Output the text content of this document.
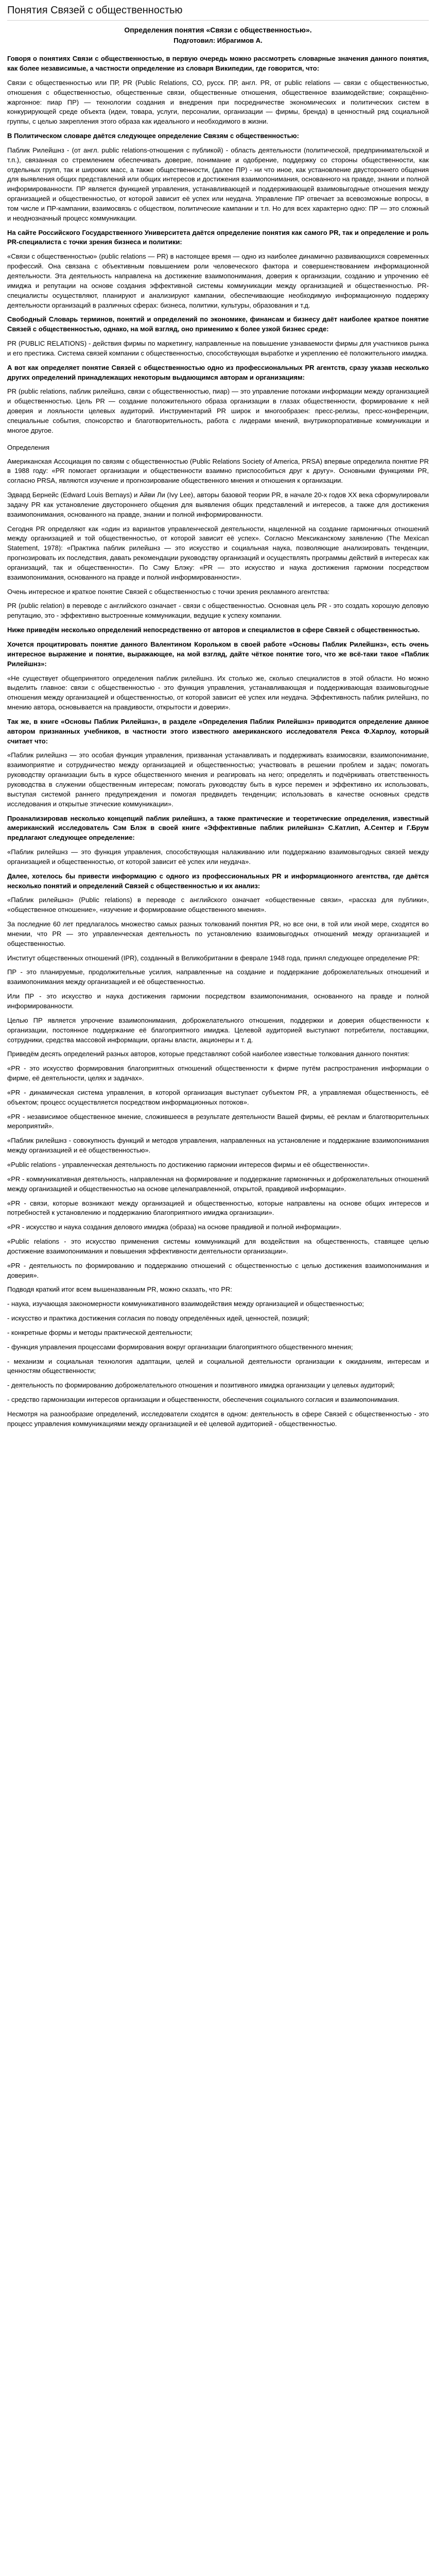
Понятия Связей с общественностью
Определения понятия «Связи с общественностью».
Подготовил: Ибрагимов А.

Говоря о понятиях Связи с общественностью, в первую очередь можно рассмотреть словарные значения данного понятия, как более независимые, а частности определение из словаря Википедии, где говорится, что:

Связи с общественностью или ПР, PR (Public Relations, СО, русск. ПР, англ. PR, от public relations — связи с общественностью, отношения с общественностью, общественные связи, общественные отношения, общественное взаимодействие; сокращённо-жаргонное: пиар ПР) — технологии создания и внедрения при посредничестве экономических и политических систем в конкурирующей среде объекта (идеи, товара, услуги, персоналии, организации — фирмы, бренда) в ценностный ряд социальной группы, с целью закрепления этого образа как идеального и необходимого в жизни.

В Политическом словаре даётся следующее определение Связям с общественностью:

Паблик Рилейшнз - (от англ. public relations-отношения с публикой) - область деятельности (политической, предпринимательской и т.п.), связанная со стремлением обеспечивать доверие, понимание и одобрение, поддержку со стороны общественности, как отдельных групп, так и широких масс, а также общественности, (далее ПР) - ни что иное, как установление двустороннего общения для выявления общих представлений или общих интересов и достижения взаимопонимания, основанного на правде, знании и полной информированности. ПР является функцией управления, устанавливающей и поддерживающей взаимовыгодные отношения между организацией и общественностью, от которой зависит её успех или неудача. Управление ПР отвечает за всевозможные вопросы, в том числе и ПР-кампании, взаимосвязь с обществом, политические кампании и т.п. Но для всех характерно одно: ПР — это сложный и неоднозначный процесс коммуникации.

На сайте Российского Государственного Университета даётся определение понятия как самого PR, так и определение и роль PR-специалиста с точки зрения бизнеса и политики:

«Связи с общественностью» (public relations — PR) в настоящее время — одно из наиболее динамично развивающихся современных профессий. Она связана с объективным повышением роли человеческого фактора и совершенствованием информационной деятельности. Эта деятельность направлена на достижение взаимопонимания, доверия к организации, созданию и упрочению её имиджа и репутации на основе создания эффективной системы коммуникации между организацией и общественностью. PR-специалисты осуществляют, планируют и анализируют кампании, обеспечивающие необходимую информационную поддержку деятельности организаций в различных сферах: бизнеса, политики, культуры, образования и т.д.

Свободный Словарь терминов, понятий и определений по экономике, финансам и бизнесу даёт наиболее краткое понятие Связей с общественностью, однако, на мой взгляд, оно применимо к более узкой бизнес среде:

PR (PUBLIC RELATIONS) - действия фирмы по маркетингу, направленные на повышение узнаваемости фирмы для участников рынка и его престижа. Система связей компании с общественностью, способствующая выработке и укреплению её положительного имиджа.

А вот как определяет понятие Связей с общественностью одно из профессиональных PR агентств, сразу указав несколько других определений принадлежащих некоторым выдающимся авторам и организациям:

PR (public relations, паблик рилейшнз, связи с общественностью, пиар) — это управление потоками информации между организацией и общественностью. Цель PR — создание положительного образа организации в глазах общественности, формирование к ней доверия и лояльности целевых аудиторий. Инструментарий PR широк и многообразен: пресс-релизы, пресс-конференции, специальные события, спонсорство и благотворительность, работа с лидерами мнений, внутрикорпоративные коммуникации и многое другое.

Определения

Американская Ассоциация по связям с общественностью (Public Relations Society of America, PRSA) впервые определила понятие PR в 1988 году: «PR помогает организации и общественности взаимно приспособиться друг к другу». Основными функциями PR, согласно PRSA, являются изучение и прогнозирование общественного мнения и отношения к организации.

Эдвард Бернейс (Edward Louis Bernays) и Айви Ли (Ivy Lee), авторы базовой теории PR, в начале 20-х годов XX века сформулировали задачу PR как установление двустороннего общения для выявления общих представлений и интересов, а также для достижения взаимопонимания, основанного на правде, знании и полной информированности.

Сегодня PR определяют как «один из вариантов управленческой деятельности, нацеленной на создание гармоничных отношений между организацией и той общественностью, от которой зависит её успех». Согласно Мексиканскому заявлению (The Mexican Statement, 1978): «Практика паблик рилейшнз — это искусство и социальная наука, позволяющие анализировать тенденции, прогнозировать их последствия, давать рекомендации руководству организаций и осуществлять программы действий в интересах как организаций, так и общественности». По Сэму Блэку: «PR — это искусство и наука достижения гармонии посредством взаимопонимания, основанного на правде и полной информированности».

Очень интересное и краткое понятие Связей с общественностью с точки зрения рекламного агентства:

PR (public relation) в переводе с английского означает - связи с общественностью. Основная цель PR - это создать хорошую деловую репутацию, это - эффективно выстроенные коммуникации, ведущие к успеху компании.

Ниже приведём несколько определений непосредственно от авторов и специалистов в сфере Связей с общественностью.

Хочется процитировать понятие данного Валентином Корольком в своей работе «Основы Паблик Рилейшнз», есть очень интересное выражение и понятие, выражающее, на мой взгляд, дайте чёткое понятие того, что же всё-таки такое «Паблик Рилейшнз»:

«Не существует общепринятого определения паблик рилейшнз. Их столько же, сколько специалистов в этой области. Но можно выделить главное: связи с общественностью - это функция управления, устанавливающая и поддерживающая взаимовыгодные отношения между организацией и общественностью, от которой зависит её успех или неудача. Эффективность паблик рилейшнз, по мнению автора, основывается на правдивости, открытости и доверии».

Так же, в книге «Основы Паблик Рилейшнз», в разделе «Определения Паблик Рилейшнз» приводится определение данное автором признанных учебников, в частности этого известного американского исследователя Рекса Ф.Харлоу, который считает что:

«Паблик рилейшнз — это особая функция управления, призванная устанавливать и поддерживать взаимосвязи, взаимопонимание, взаимоприятие и сотрудничество между организацией и общественностью; участвовать в решении проблем и задач; помогать руководству организации быть в курсе общественного мнения и реагировать на него; определять и подчёркивать ответственность руководства в служении общественным интересам; помогать руководству быть в курсе перемен и эффективно их использовать, выступая системой раннего предупреждения и помогая предвидеть тенденции; использовать в качестве основных средств исследования и открытые этические коммуникации».

Проанализировав несколько концепций паблик рилейшнз, а также практические и теоретические определения, известный американский исследователь Сэм Блэк в своей книге «Эффективные паблик рилейшнз» С.Катлип, А.Сентер и Г.Брум предлагают следующее определение:

«Паблик рилейшнз — это функция управления, способствующая налаживанию или поддержанию взаимовыгодных связей между организацией и общественностью, от которой зависит её успех или неудача».

Далее, хотелось бы привести информацию с одного из профессиональных PR и информационного агентства, где даётся несколько понятий и определений Связей с общественностью и их анализ:

«Паблик рилейшнз» (Public relations) в переводе с английского означает «общественные связи», «рассказ для публики», «общественное отношение», «изучение и формирование общественного мнения».

За последние 60 лет предлагалось множество самых разных толкований понятия PR, но все они, в той или иной мере, сходятся во мнении, что PR — это управленческая деятельность по установлению взаимовыгодных отношений между организацией и общественностью.

Институт общественных отношений (IPR), созданный в Великобритании в феврале 1948 года, принял следующее определение PR:

ПР - это планируемые, продолжительные усилия, направленные на создание и поддержание доброжелательных отношений и взаимопонимания между организацией и её общественностью.

Или ПР - это искусство и наука достижения гармонии посредством взаимопонимания, основанного на правде и полной информированности.

Целью ПР является упрочение взаимопонимания, доброжелательного отношения, поддержки и доверия общественности к организации, постоянное поддержание её благоприятного имиджа. Целевой аудиторией выступают потребители, поставщики, сотрудники, средства массовой информации, органы власти, акционеры и т. д.

Приведём десять определений разных авторов, которые представляют собой наиболее известные толкования данного понятия:

«PR - это искусство формирования благоприятных отношений общественности к фирме путём распространения информации о фирме, её деятельности, целях и задачах».

«PR - динамическая система управления, в которой организация выступает субъектом PR, а управляемая общественность, её объектом; процесс осуществляется посредством информационных потоков».

«PR - независимое общественное мнение, сложившееся в результате деятельности Вашей фирмы, её реклам и благотворительных мероприятий».

«Паблик рилейшнз - совокупность функций и методов управления, направленных на установление и поддержание взаимопонимания между организацией и её общественностью».

«Public relations - управленческая деятельность по достижению гармонии интересов фирмы и её общественности».

«PR - коммуникативная деятельность, направленная на формирование и поддержание гармоничных и доброжелательных отношений между организацией и общественностью на основе целенаправленной, открытой, правдивой информации».

«PR - связи, которые возникают между организацией и общественностью, которые направлены на основе общих интересов и потребностей к установлению и поддержанию благоприятного имиджа организации».

«PR - искусство и наука создания делового имиджа (образа) на основе правдивой и полной информации».

«Public relations - это искусство применения системы коммуникаций для воздействия на общественность, ставящее целью достижение взаимопонимания и повышения эффективности деятельности организации».

«PR - деятельность по формированию и поддержанию отношений с общественностью с целью достижения взаимопонимания и доверия».

Подводя краткий итог всем вышеназванным PR, можно сказать, что PR:

- наука, изучающая закономерности коммуникативного взаимодействия между организацией и общественностью;

- искусство и практика достижения согласия по поводу определённых идей, ценностей, позиций;

- конкретные формы и методы практической деятельности;

- функция управления процессами формирования вокруг организации благоприятного общественного мнения;

- механизм и социальная технология адаптации, целей и социальной деятельности организации к ожиданиям, интересам и ценностям общественности;

- деятельность по формированию доброжелательного отношения и позитивного имиджа организации у целевых аудиторий;

- средство гармонизации интересов организации и общественности, обеспечения социального согласия и взаимопонимания.

Несмотря на разнообразие определений, исследователи сходятся в одном: деятельность в сфере Связей с общественностью - это процесс управления коммуникациями между организацией и её целевой аудиторией - общественностью.
